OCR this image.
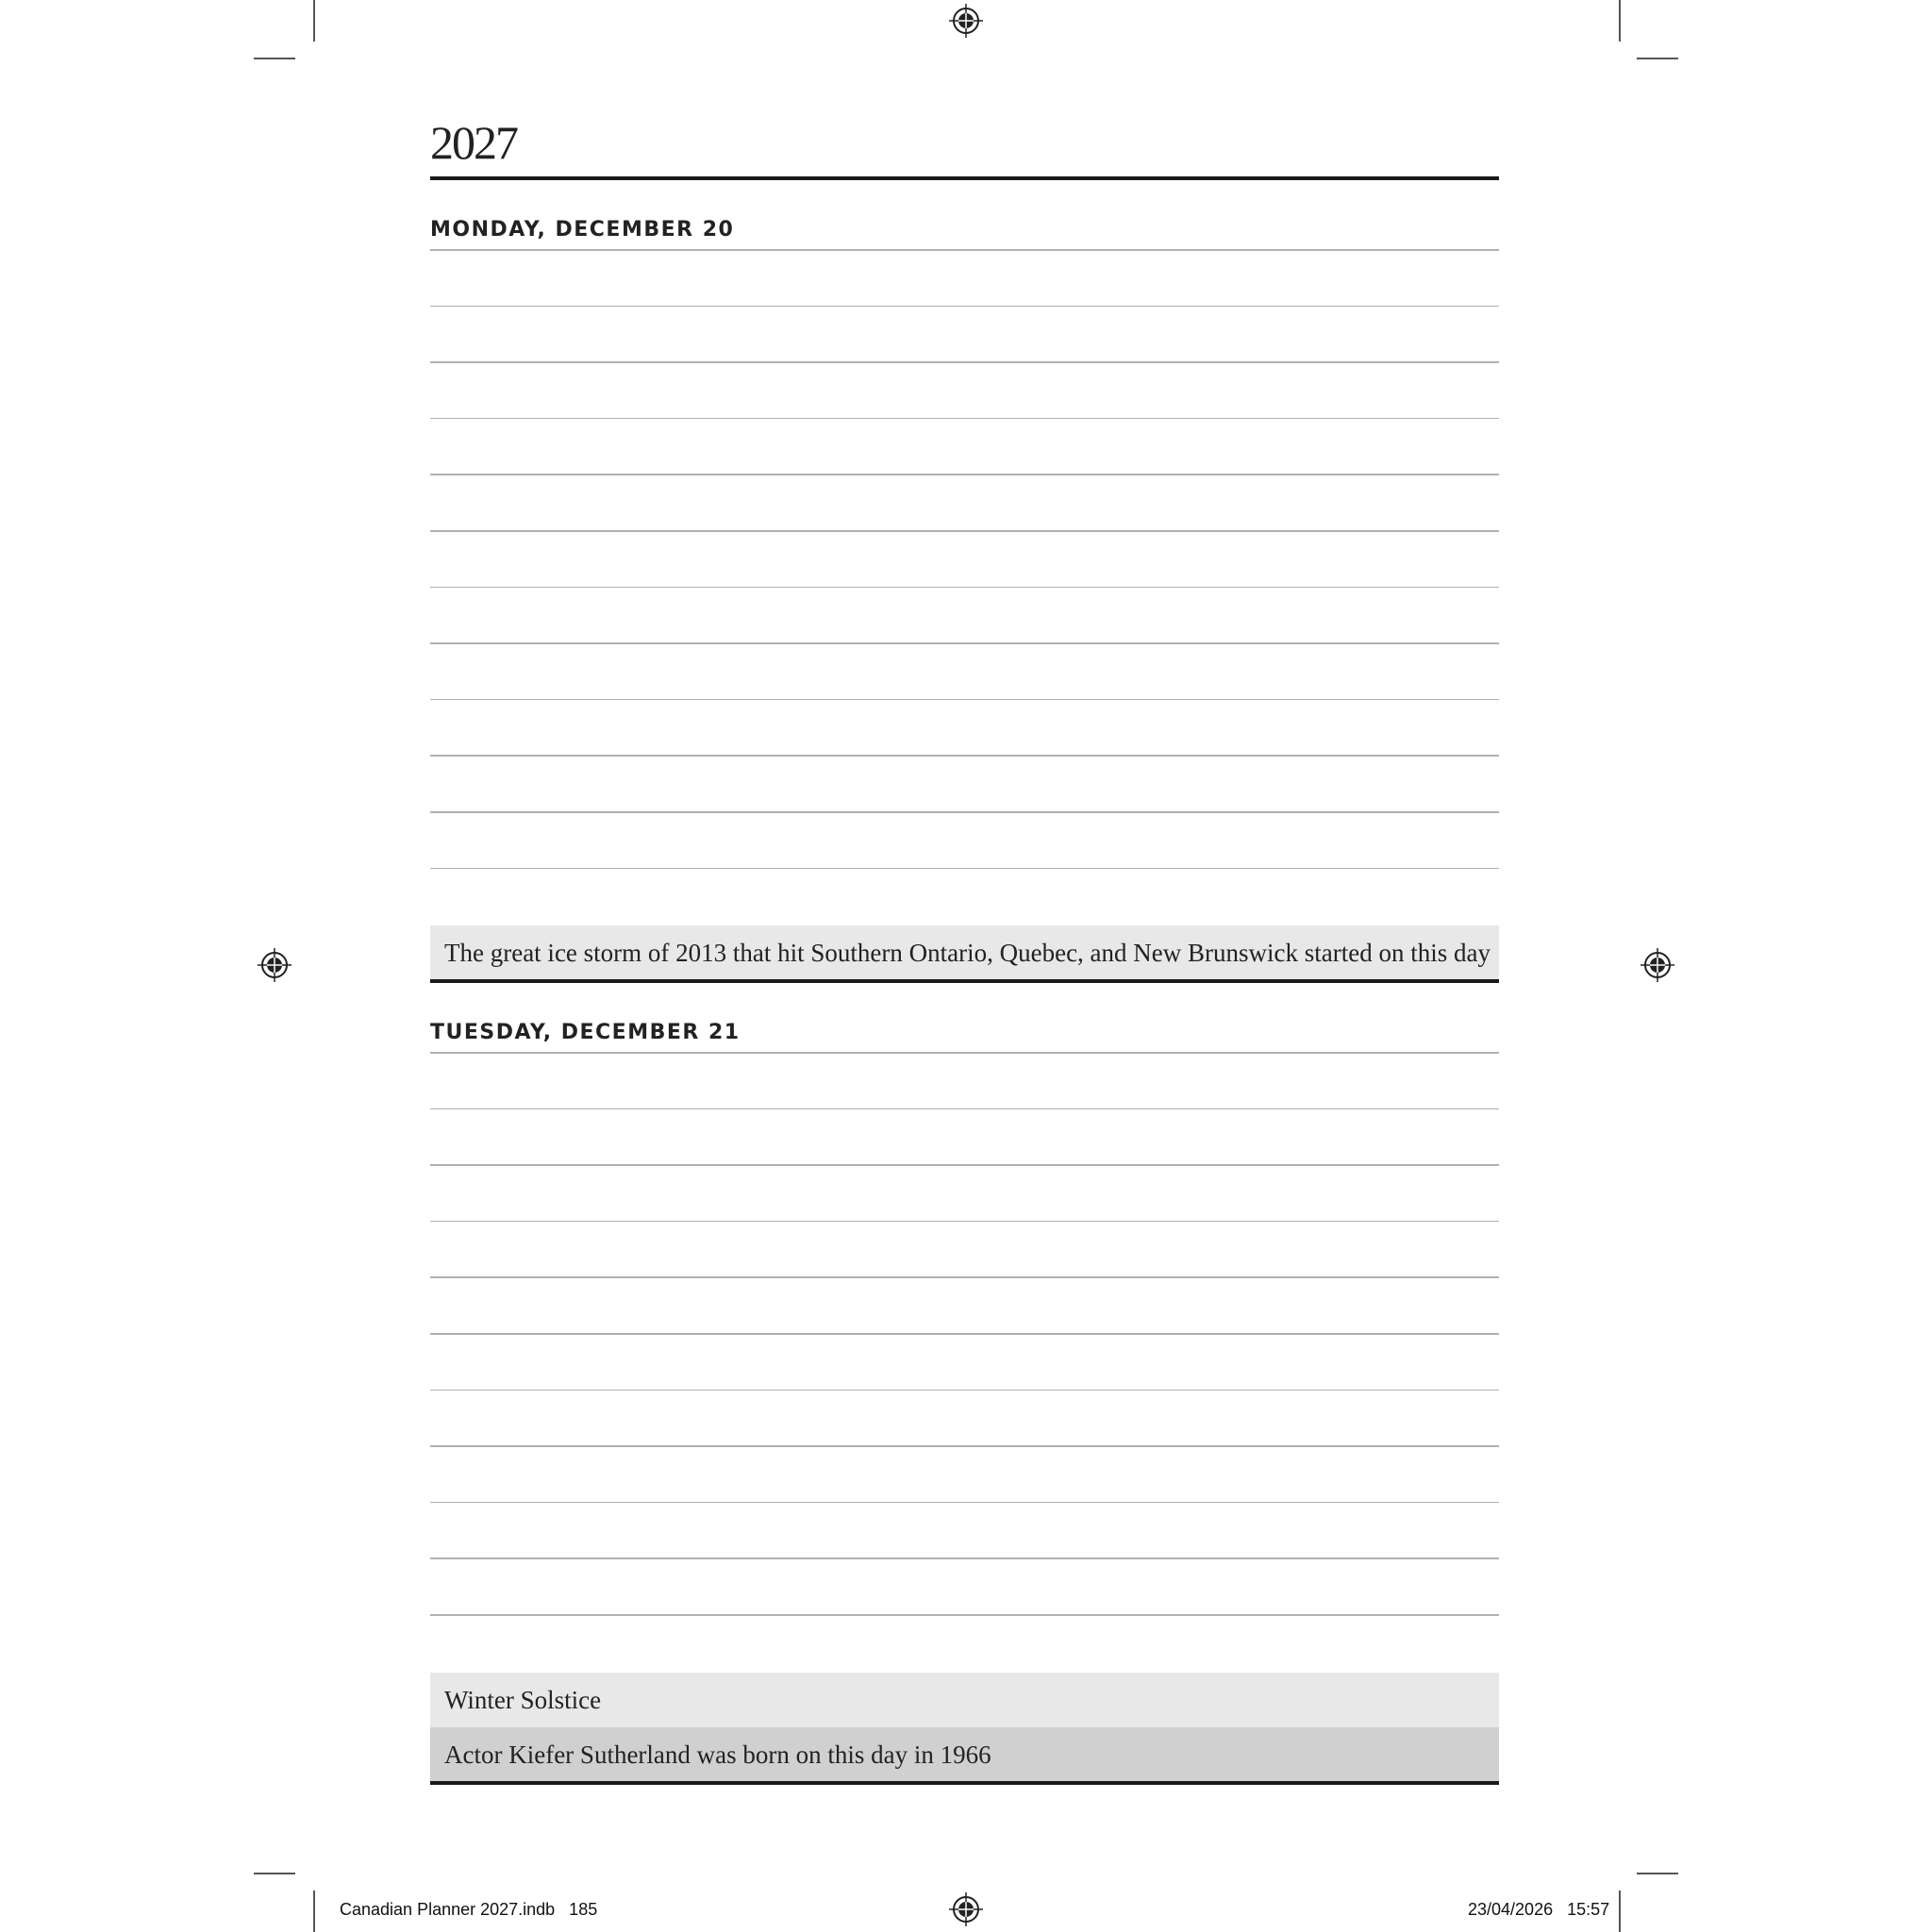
2027
MONDAY, DECEMBER 20
The great ice storm of 2013 that hit Southern Ontario, Quebec, and New Brunswick started on this day
TUESDAY, DECEMBER 21
Winter Solstice
Actor Kiefer Sutherland was born on this day in 1966
Canadian Planner 2027.indb   185	23/04/2026   15:57
